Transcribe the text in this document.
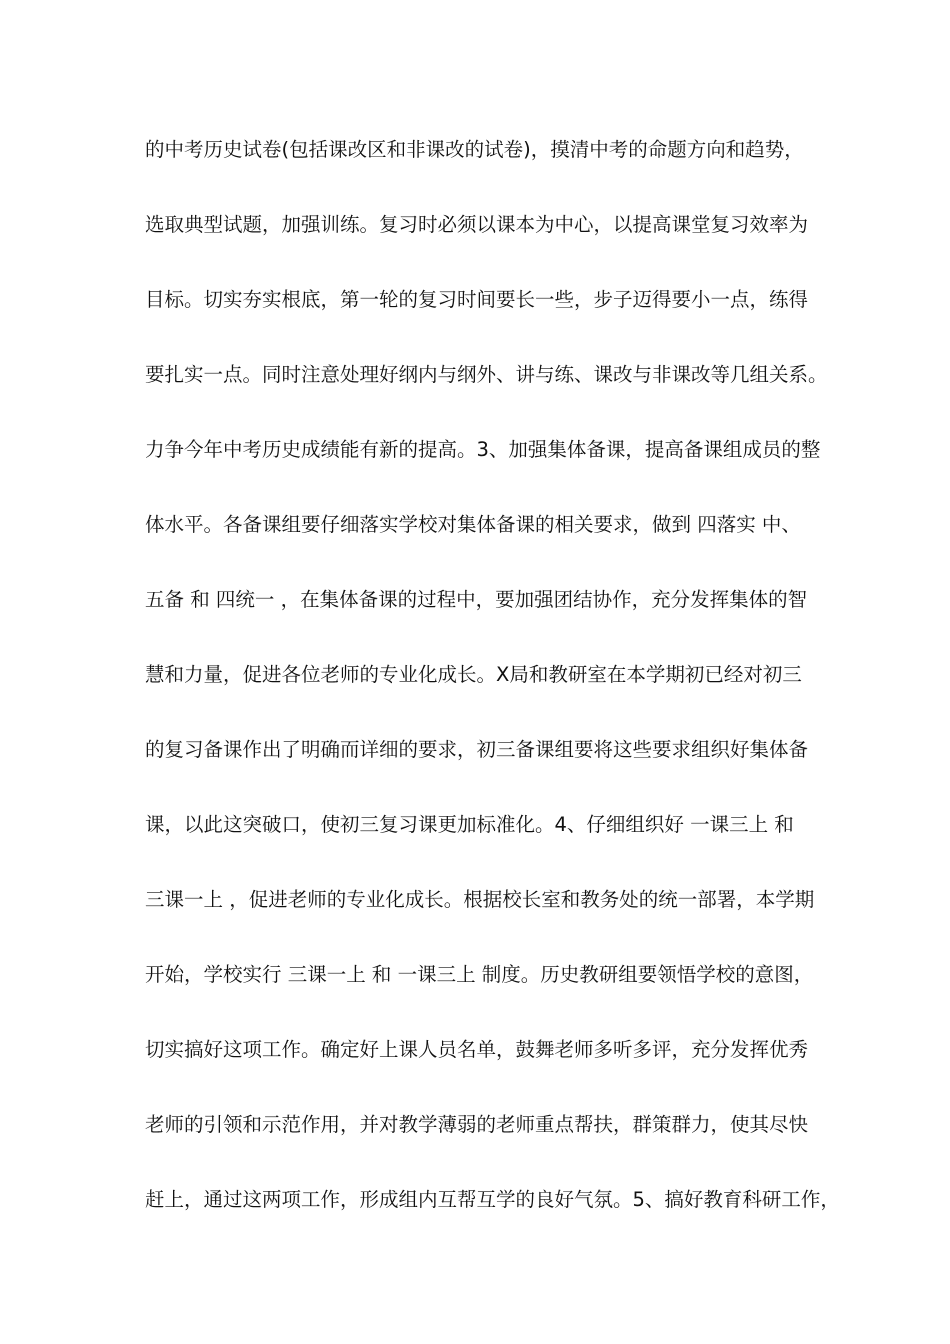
的中考历史试卷(包括课改区和非课改的试卷)，摸清中考的命题方向和趋势，
选取典型试题，加强训练。复习时必须以课本为中心，以提高课堂复习效率为
目标。切实夯实根底，第一轮的复习时间要长一些，步子迈得要小一点，练得
要扎实一点。同时注意处理好纲内与纲外、讲与练、课改与非课改等几组关系。
力争今年中考历史成绩能有新的提高。3、加强集体备课，提高备课组成员的整
体水平。各备课组要仔细落实学校对集体备课的相关要求，做到 四落实 中、
五备 和 四统一 ，在集体备课的过程中，要加强团结协作，充分发挥集体的智
慧和力量，促进各位老师的专业化成长。X局和教研室在本学期初已经对初三
的复习备课作出了明确而详细的要求，初三备课组要将这些要求组织好集体备
课，以此这突破口，使初三复习课更加标准化。4、仔细组织好 一课三上 和
三课一上 ，促进老师的专业化成长。根据校长室和教务处的统一部署，本学期
开始，学校实行 三课一上 和 一课三上 制度。历史教研组要领悟学校的意图，
切实搞好这项工作。确定好上课人员名单，鼓舞老师多听多评，充分发挥优秀
老师的引领和示范作用，并对教学薄弱的老师重点帮扶，群策群力，使其尽快
赶上，通过这两项工作，形成组内互帮互学的良好气氛。5、搞好教育科研工作，
